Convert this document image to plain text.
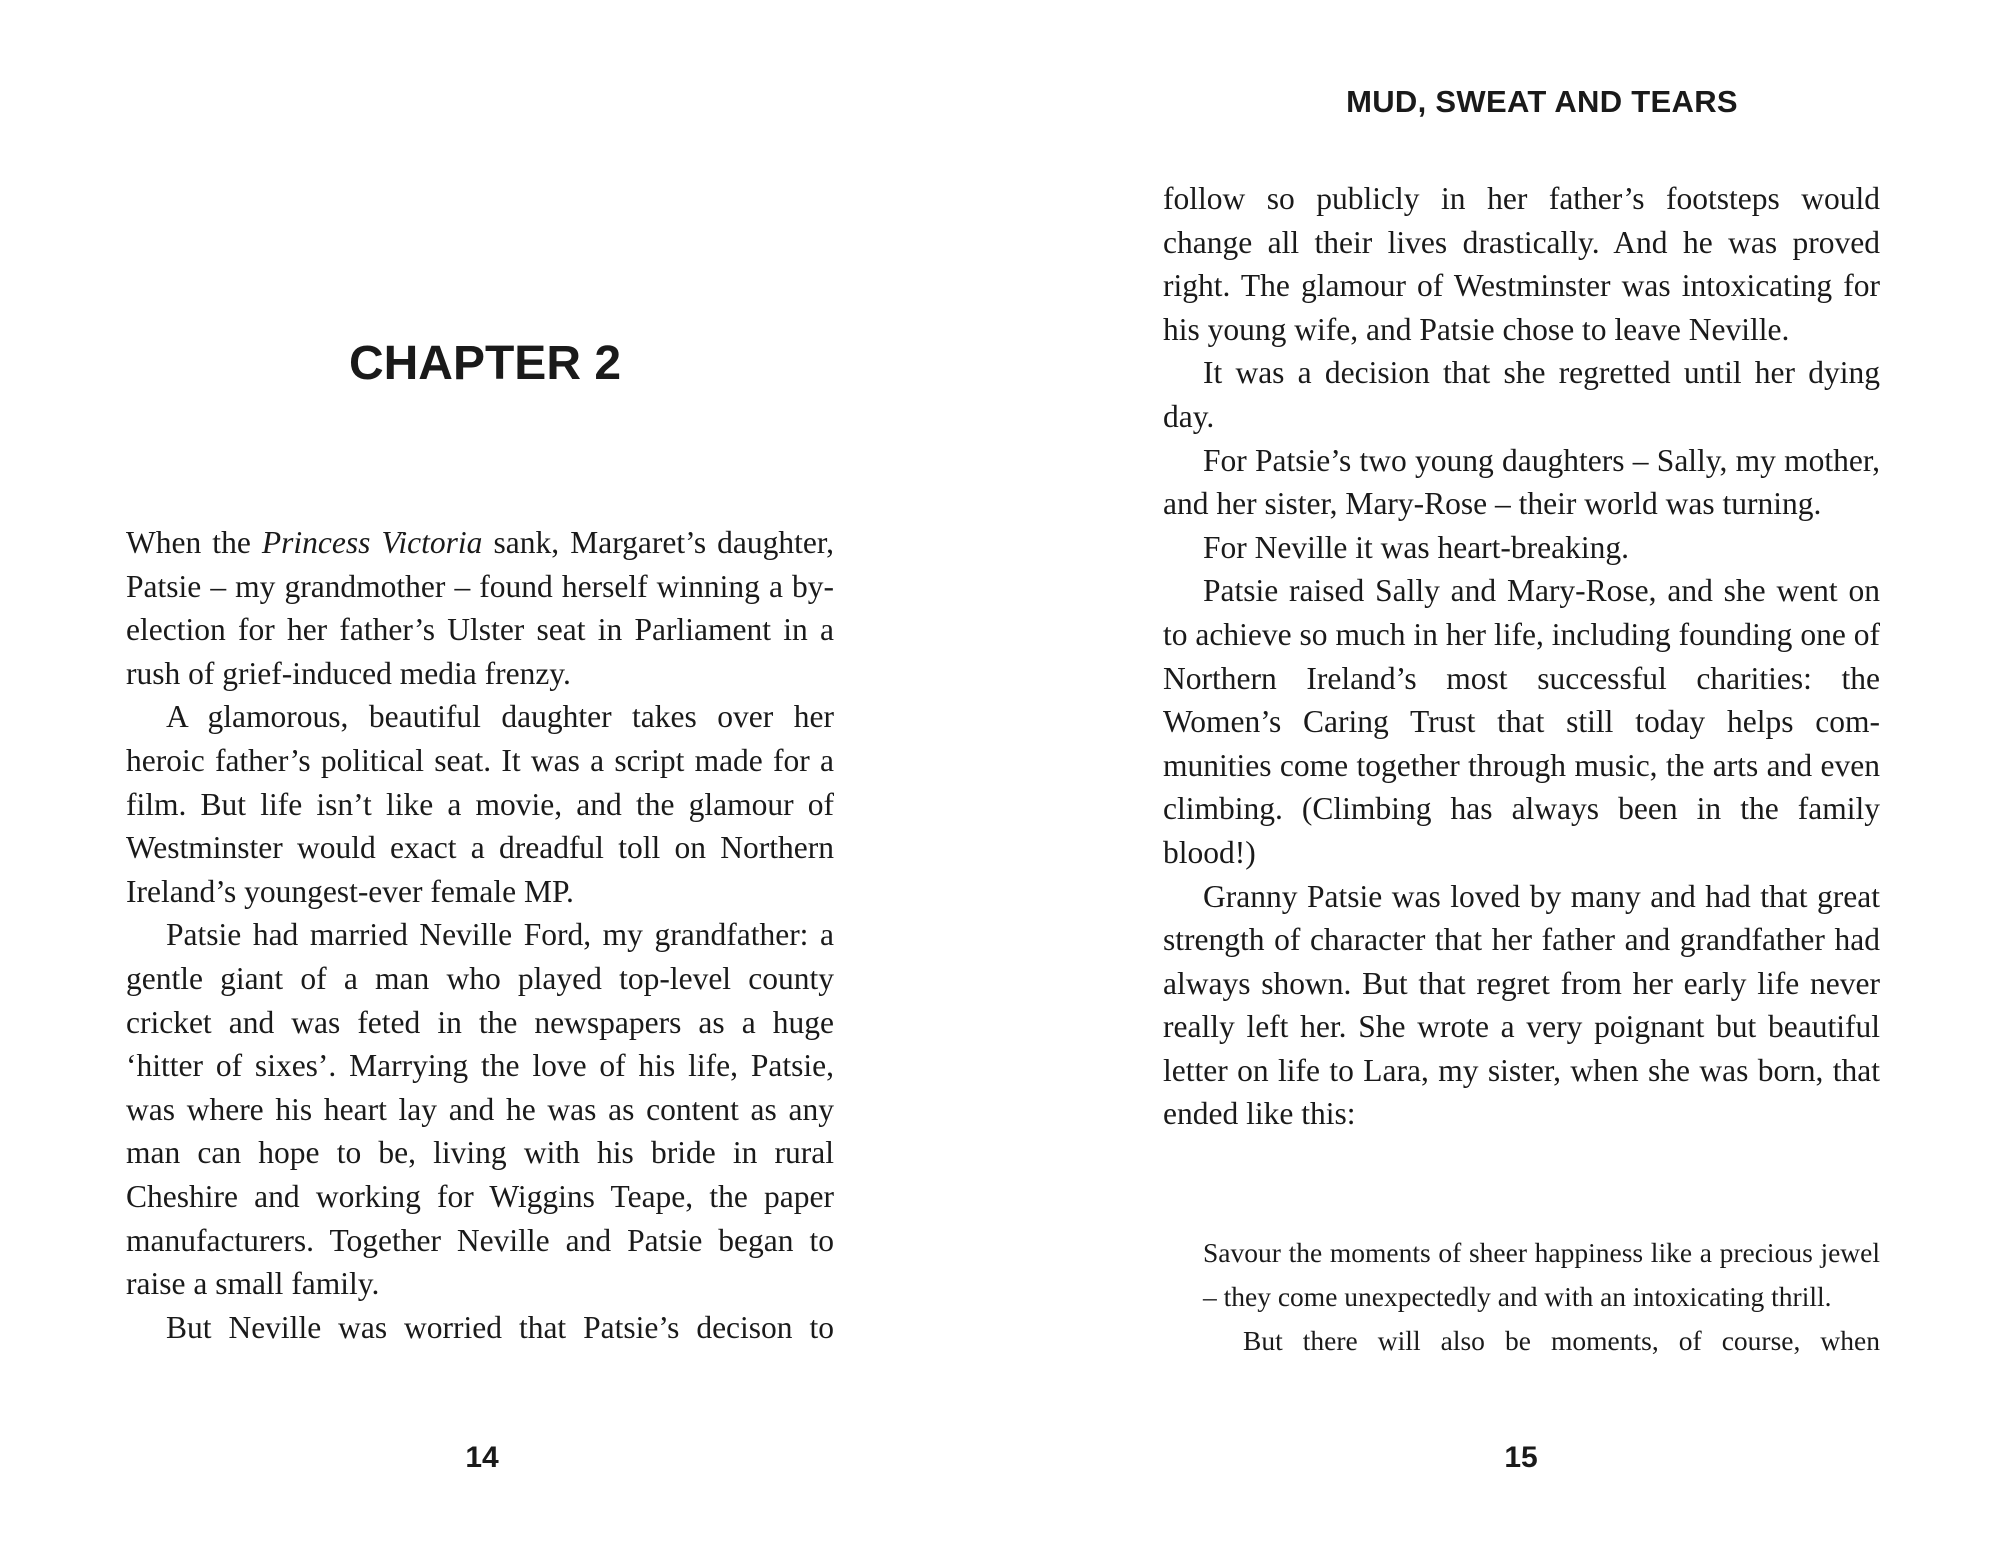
CHAPTER 2

When the Princess Victoria sank, Margaret’s daughter, Patsie – my grandmother – found herself winning a by-election for her father’s Ulster seat in Parliament in a rush of grief-induced media frenzy.

A glamorous, beautiful daughter takes over her heroic father’s political seat. It was a script made for a film. But life isn’t like a movie, and the glamour of Westminster would exact a dreadful toll on Northern Ireland’s youngest-ever female MP.

Patsie had married Neville Ford, my grandfather: a gentle giant of a man who played top-level county cricket and was feted in the newspapers as a huge ‘hitter of sixes’. Marrying the love of his life, Patsie, was where his heart lay and he was as content as any man can hope to be, living with his bride in rural Cheshire and working for Wiggins Teape, the paper manufacturers. Together Neville and Patsie began to raise a small family.

But Neville was worried that Patsie’s decison to

14
MUD, SWEAT AND TEARS

follow so publicly in her father’s footsteps would change all their lives drastically. And he was proved right. The glamour of Westminster was intoxicating for his young wife, and Patsie chose to leave Neville.

It was a decision that she regretted until her dying day.

For Patsie’s two young daughters – Sally, my mother, and her sister, Mary-Rose – their world was turning.

For Neville it was heart-breaking.

Patsie raised Sally and Mary-Rose, and she went on to achieve so much in her life, including founding one of Northern Ireland’s most successful charities: the Women’s Caring Trust that still today helps communities come together through music, the arts and even climbing. (Climbing has always been in the family blood!)

Granny Patsie was loved by many and had that great strength of character that her father and grandfather had always shown. But that regret from her early life never really left her. She wrote a very poignant but beautiful letter on life to Lara, my sister, when she was born, that ended like this:

Savour the moments of sheer happiness like a precious jewel – they come unexpectedly and with an intoxicating thrill.

But there will also be moments, of course, when

15
